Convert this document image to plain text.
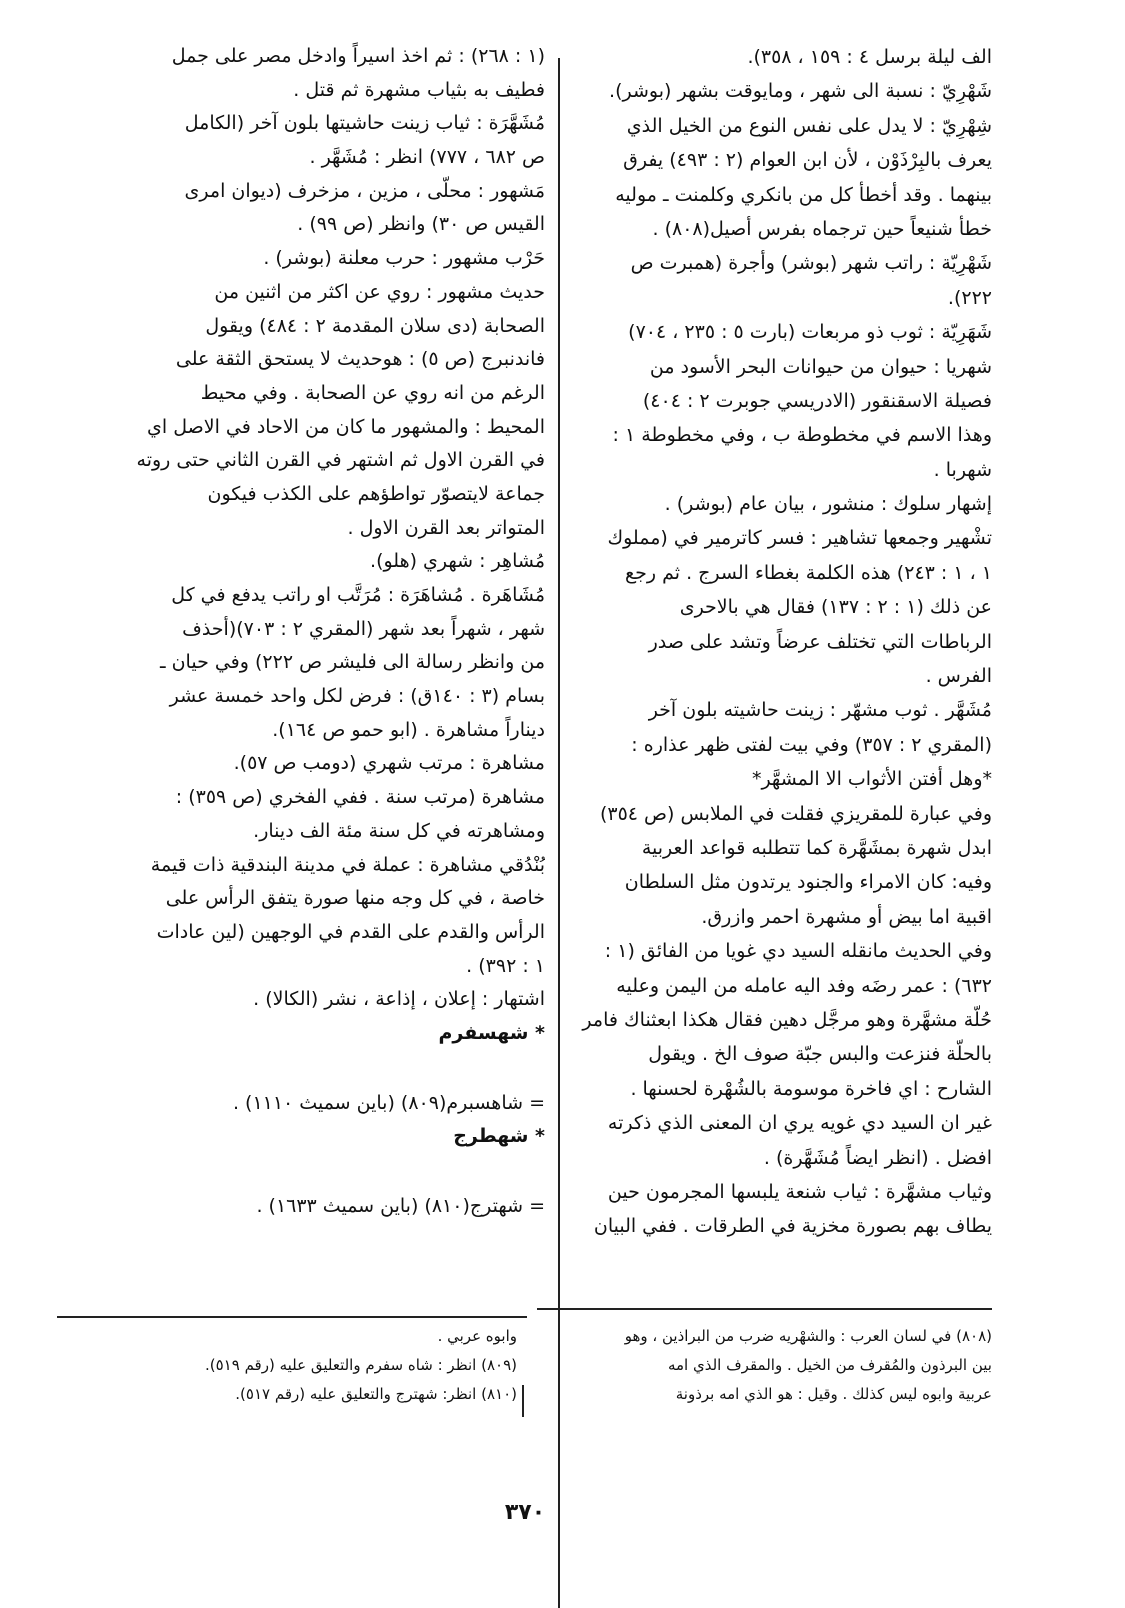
الف ليلة برسل ٤ : ١٥٩ ، ٣٥٨).
شَهْرِيّ : نسبة الى شهر ، ومايوقت بشهر (بوشر).
شِهْرِيّ : لا يدل على نفس النوع من الخيل الذي
يعرف بالبِرْذَوْن ، لأن ابن العوام (٢ : ٤٩٣) يفرق
بينهما . وقد أخطأ كل من بانكري وكلمنت ـ موليه
خطأ شنيعاً حين ترجماه بفرس أصيل(٨٠٨) .
شَهْرِيّة : راتب شهر (بوشر) وأجرة (همبرت ص
٢٢٢).
شَهَرِيّة : ثوب ذو مربعات (بارت ٥ : ٢٣٥ ، ٧٠٤)
شهريا : حيوان من حيوانات البحر الأسود من
فصيلة الاسقنقور (الادريسي جوبرت ٢ : ٤٠٤)
وهذا الاسم في مخطوطة ب ، وفي مخطوطة ١ :
شهربا .
إشهار سلوك : منشور ، بيان عام (بوشر) .
تشْهير وجمعها تشاهير : فسر كاترمير في (مملوك
١ ، ١ : ٢٤٣) هذه الكلمة بغطاء السرج . ثم رجع
عن ذلك (١ : ٢ : ١٣٧) فقال هي بالاحرى
الرباطات التي تختلف عرضاً وتشد على صدر
الفرس .
مُشَهَّر . ثوب مشهّر : زينت حاشيته بلون آخر
(المقري ٢ : ٣٥٧) وفي بيت لفتى ظهر عذاره :
*وهل أفتن الأثواب الا المشهَّر*
وفي عبارة للمقريزي فقلت في الملابس (ص ٣٥٤)
ابدل شهرة بمشَهَّرة كما تتطلبه قواعد العربية
وفيه: كان الامراء والجنود يرتدون مثل السلطان
اقبية اما بيض أو مشهرة احمر وازرق.
وفي الحديث مانقله السيد دي غويا من الفائق (١ :
٦٣٢) : عمر رضَه وفد اليه عامله من اليمن وعليه
حُلّة مشهَّرة وهو مرجَّل دهين فقال هكذا ابعثناك فامر
بالحلّة فنزعت والبس جبّة صوف الخ . ويقول
الشارح : اي فاخرة موسومة بالشُهْرة لحسنها .
غير ان السيد دي غويه يري ان المعنى الذي ذكرته
افضل . (انظر ايضاً مُشَهَّرة) .
وثياب مشهَّرة : ثياب شنعة يلبسها المجرمون حين
يطاف بهم بصورة مخزية في الطرقات . ففي البيان
(١ : ٢٦٨) : ثم اخذ اسيراً وادخل مصر على جمل
فطيف به بثياب مشهرة ثم قتل .
مُشَهَّرَة : ثياب زينت حاشيتها بلون آخر (الكامل
ص ٦٨٢ ، ٧٧٧) انظر : مُشَهَّر .
مَشهور : محلّى ، مزين ، مزخرف (ديوان امرى
القيس ص ٣٠) وانظر (ص ٩٩) .
حَرْب مشهور : حرب معلنة (بوشر) .
حديث مشهور : روي عن اكثر من اثنين من
الصحابة (دى سلان المقدمة ٢ : ٤٨٤) ويقول
فاندنبرج (ص ٥) : هوحديث لا يستحق الثقة على
الرغم من انه روي عن الصحابة . وفي محيط
المحيط : والمشهور ما كان من الاحاد في الاصل اي
في القرن الاول ثم اشتهر في القرن الثاني حتى روته
جماعة لايتصوّر تواطؤهم على الكذب فيكون
المتواتر بعد القرن الاول .
مُشاهِر : شهري (هلو).
مُشَاهَرة . مُشاهَرَة : مُرَتَّب او راتب يدفع في كل
شهر ، شهراً بعد شهر (المقري ٢ : ٧٠٣)(أحذف
من وانظر رسالة الى فليشر ص ٢٢٢) وفي حيان ـ
بسام (٣ : ١٤٠ق) : فرض لكل واحد خمسة عشر
ديناراً مشاهرة . (ابو حمو ص ١٦٤).
مشاهرة : مرتب شهري (دومب ص ٥٧).
مشاهرة (مرتب سنة . ففي الفخري (ص ٣٥٩) :
ومشاهرته في كل سنة مئة الف دينار.
بُنْدُقي مشاهرة : عملة في مدينة البندقية ذات قيمة
خاصة ، في كل وجه منها صورة يتفق الرأس على
الرأس والقدم على القدم في الوجهين (لين عادات
١ : ٣٩٢) .
اشتهار : إعلان ، إذاعة ، نشر (الكالا) .
* شهسفرم
= شاهسبرم(٨٠٩) (باين سميث ١١١٠) .
* شهطرج
= شهترج(٨١٠) (باين سميث ١٦٣٣) .
(٨٠٨) في لسان العرب : والشهْريه ضرب من البراذين ، وهو
بين البرذون والمُقرف من الخيل . والمقرف الذي امه
عربية وابوه ليس كذلك . وقيل : هو الذي امه برذونة
وابوه عربي .
(٨٠٩) انظر : شاه سفرم والتعليق عليه (رقم ٥١٩).
(٨١٠) انظر: شهترج والتعليق عليه (رقم ٥١٧).
٣٧٠
